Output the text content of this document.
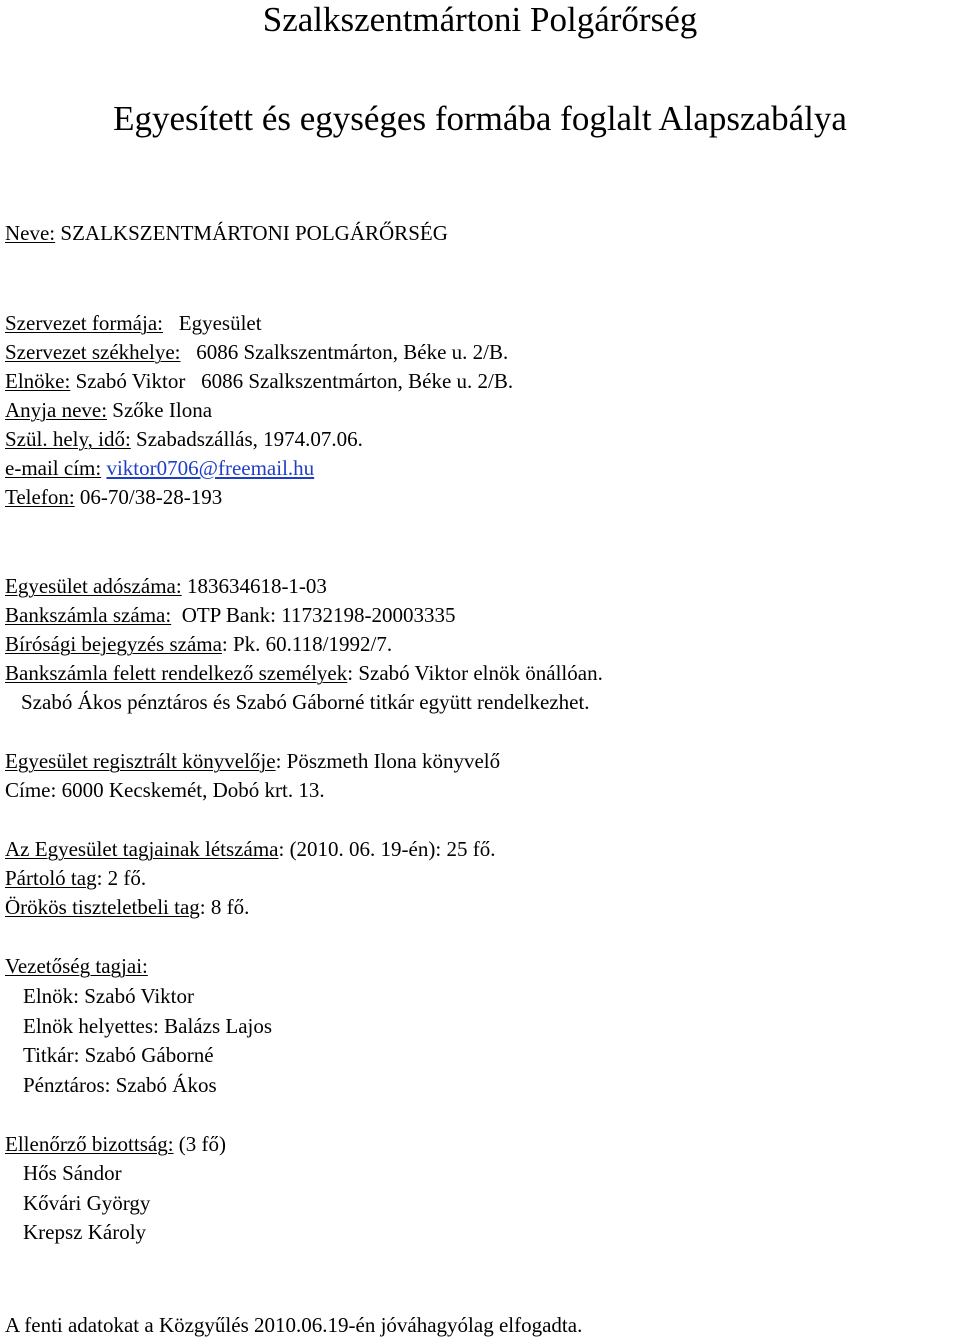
Szalkszentmártoni Polgárőrség
Egyesített és egységes formába foglalt Alapszabálya
Neve: SZALKSZENTMÁRTONI POLGÁRŐRSÉG
Szervezet formája: Egyesület
Szervezet székhelye: 6086 Szalkszentmárton, Béke u. 2/B.
Elnöke: Szabó Viktor   6086 Szalkszentmárton, Béke u. 2/B.
Anyja neve: Szőke Ilona
Szül. hely, idő: Szabadszállás, 1974.07.06.
e-mail cím: viktor0706@freemail.hu
Telefon: 06-70/38-28-193
Egyesület adószáma: 183634618-1-03
Bankszámla száma: OTP Bank: 11732198-20003335
Bírósági bejegyzés száma: Pk. 60.118/1992/7.
Bankszámla felett rendelkező személyek: Szabó Viktor elnök önállóan.
Szabó Ákos pénztáros és Szabó Gáborné titkár együtt rendelkezhet.
Egyesület regisztrált könyvelője: Pöszmeth Ilona könyvelő
Címe: 6000 Kecskemét, Dobó krt. 13.
Az Egyesület tagjainak létszáma: (2010. 06. 19-én): 25 fő.
Pártoló tag: 2 fő.
Örökös tiszteletbeli tag: 8 fő.
Vezetőség tagjai:
Elnök: Szabó Viktor
Elnök helyettes: Balázs Lajos
Titkár: Szabó Gáborné
Pénztáros: Szabó Ákos
Ellenőrző bizottság: (3 fő)
Hős Sándor
Kővári György
Krepsz Károly
A fenti adatokat a Közgyűlés 2010.06.19-én jóváhagyólag elfogadta.
